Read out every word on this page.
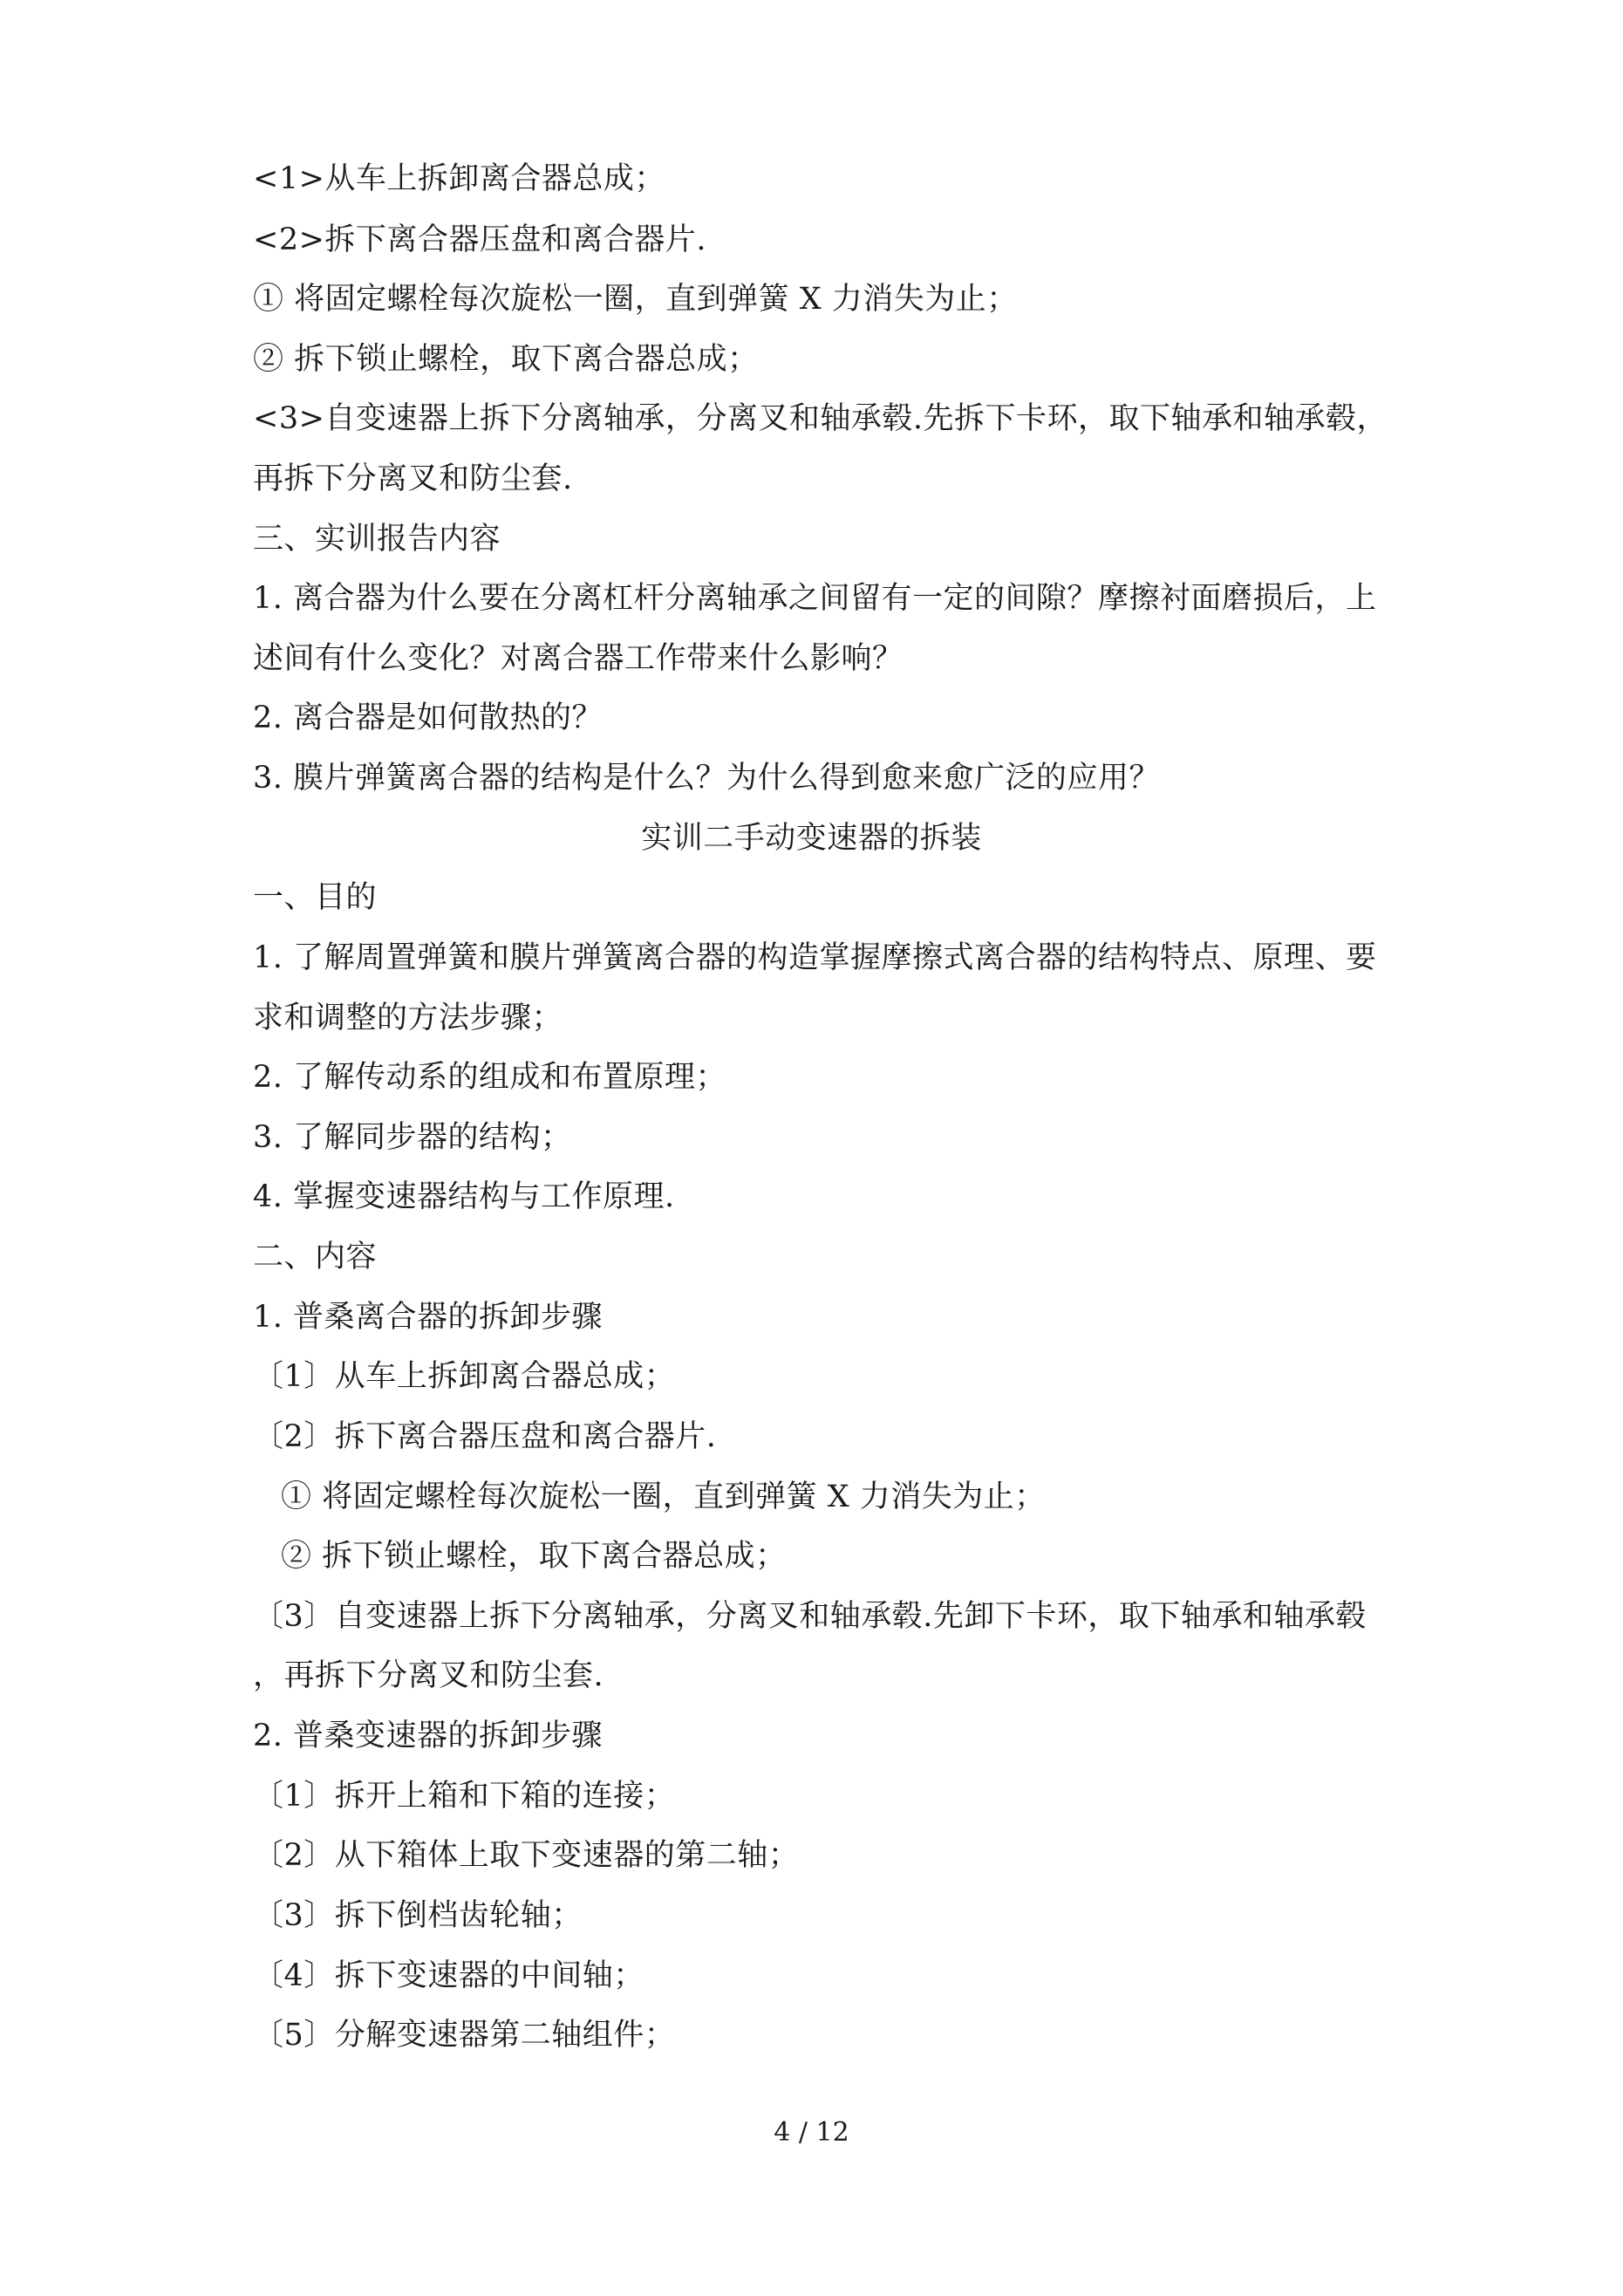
<1>从车上拆卸离合器总成；
<2>拆下离合器压盘和离合器片.
① 将固定螺栓每次旋松一圈，直到弹簧 X 力消失为止；
② 拆下锁止螺栓，取下离合器总成；
<3>自变速器上拆下分离轴承，分离叉和轴承毂.先拆下卡环，取下轴承和轴承毂，
再拆下分离叉和防尘套.
三、实训报告内容
1. 离合器为什么要在分离杠杆分离轴承之间留有一定的间隙？摩擦衬面磨损后，上
述间有什么变化？对离合器工作带来什么影响？
2. 离合器是如何散热的？
3. 膜片弹簧离合器的结构是什么？为什么得到愈来愈广泛的应用？
实训二手动变速器的拆装
一、目的
1. 了解周置弹簧和膜片弹簧离合器的构造掌握摩擦式离合器的结构特点、原理、要
求和调整的方法步骤；
2. 了解传动系的组成和布置原理；
3. 了解同步器的结构；
4. 掌握变速器结构与工作原理.
二、内容
1. 普桑离合器的拆卸步骤
〔1〕从车上拆卸离合器总成；
〔2〕拆下离合器压盘和离合器片.
① 将固定螺栓每次旋松一圈，直到弹簧 X 力消失为止；
② 拆下锁止螺栓，取下离合器总成；
〔3〕自变速器上拆下分离轴承，分离叉和轴承毂.先卸下卡环，取下轴承和轴承毂
，再拆下分离叉和防尘套.
2. 普桑变速器的拆卸步骤
〔1〕拆开上箱和下箱的连接；
〔2〕从下箱体上取下变速器的第二轴；
〔3〕拆下倒档齿轮轴；
〔4〕拆下变速器的中间轴；
〔5〕分解变速器第二轴组件；
4 / 12
